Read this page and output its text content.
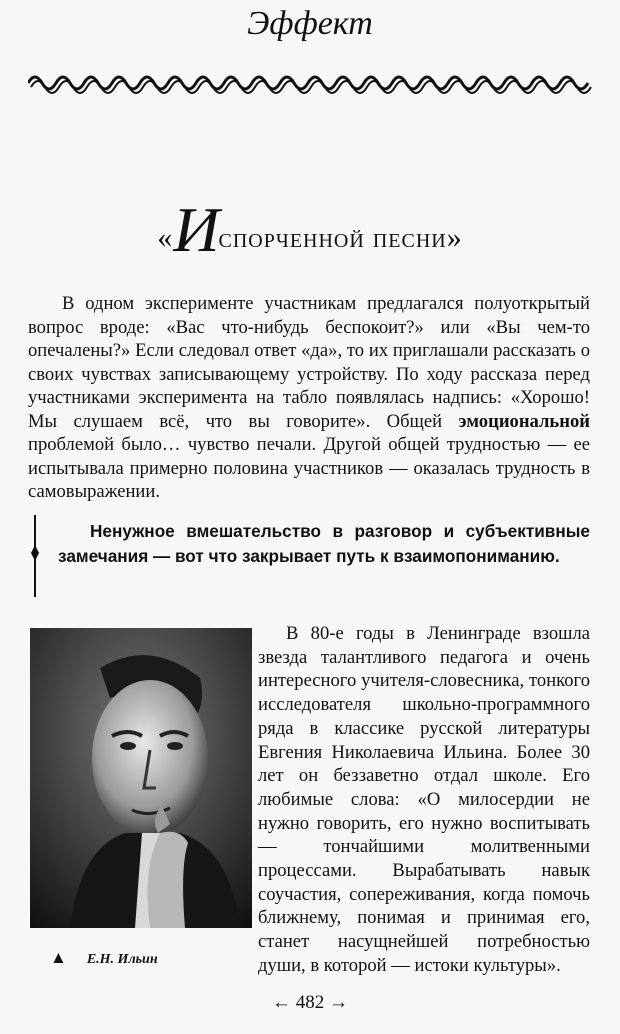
Эффект
«Испорченной песни»

В одном эксперименте участникам предлагался полуоткрытый вопрос вроде: «Вас что-нибудь беспокоит?» или «Вы чем-то опечалены?» Если следовал ответ «да», то их приглашали рассказать о своих чувствах записывающему устройству. По ходу рассказа перед участниками эксперимента на табло появлялась надпись: «Хорошо! Мы слушаем всё, что вы говорите». Общей эмоциональной проблемой было… чувство печали. Другой общей трудностью — ее испытывала примерно половина участников — оказалась трудность в самовыражении.

Ненужное вмешательство в разговор и субъективные замечания — вот что закрывает путь к взаимопониманию.

▲ Е.Н. Ильин

В 80-е годы в Ленинграде взошла звезда талантливого педагога и очень интересного учителя-словесника, тонкого исследователя школьно-программного ряда в классике русской литературы Евгения Николаевича Ильина. Более 30 лет он беззаветно отдал школе. Его любимые слова: «О милосердии не нужно говорить, его нужно воспитывать — тончайшими молитвенными процессами. Вырабатывать навык соучастия, сопереживания, когда помочь ближнему, понимая и принимая его, станет насущнейшей потребностью души, в которой — истоки культуры».

← 482 →
